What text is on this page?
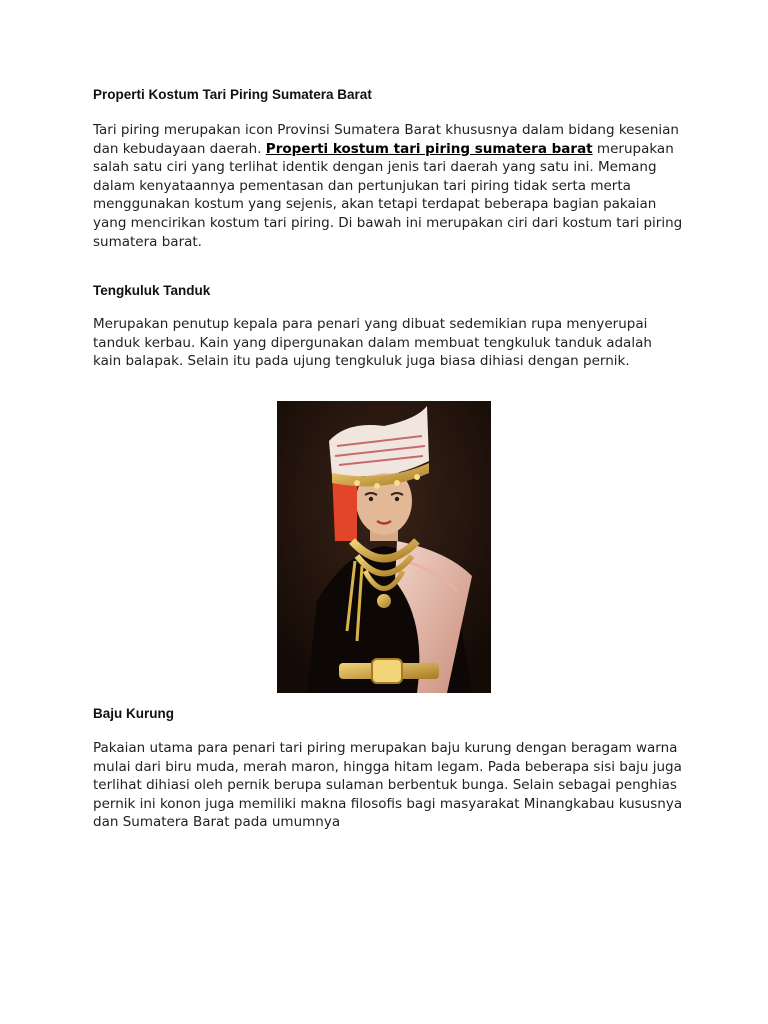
Properti Kostum Tari Piring Sumatera Barat

Tari piring merupakan icon Provinsi Sumatera Barat khususnya dalam bidang kesenian dan kebudayaan daerah. Properti kostum tari piring sumatera barat merupakan salah satu ciri yang terlihat identik dengan jenis tari daerah yang satu ini. Memang dalam kenyataannya pementasan dan pertunjukan tari piring tidak serta merta menggunakan kostum yang sejenis, akan tetapi terdapat beberapa bagian pakaian yang mencirikan kostum tari piring. Di bawah ini merupakan ciri dari kostum tari piring sumatera barat.

Tengkuluk Tanduk

Merupakan penutup kepala para penari yang dibuat sedemikian rupa menyerupai tanduk kerbau. Kain yang dipergunakan dalam membuat tengkuluk tanduk adalah kain balapak. Selain itu pada ujung tengkuluk juga biasa dihiasi dengan pernik.

Baju Kurung

Pakaian utama para penari tari piring merupakan baju kurung dengan beragam warna mulai dari biru muda, merah maron, hingga hitam legam. Pada beberapa sisi baju juga terlihat dihiasi oleh pernik berupa sulaman berbentuk bunga. Selain sebagai penghias pernik ini konon juga memiliki makna filosofis bagi masyarakat Minangkabau kususnya dan Sumatera Barat pada umumnya
